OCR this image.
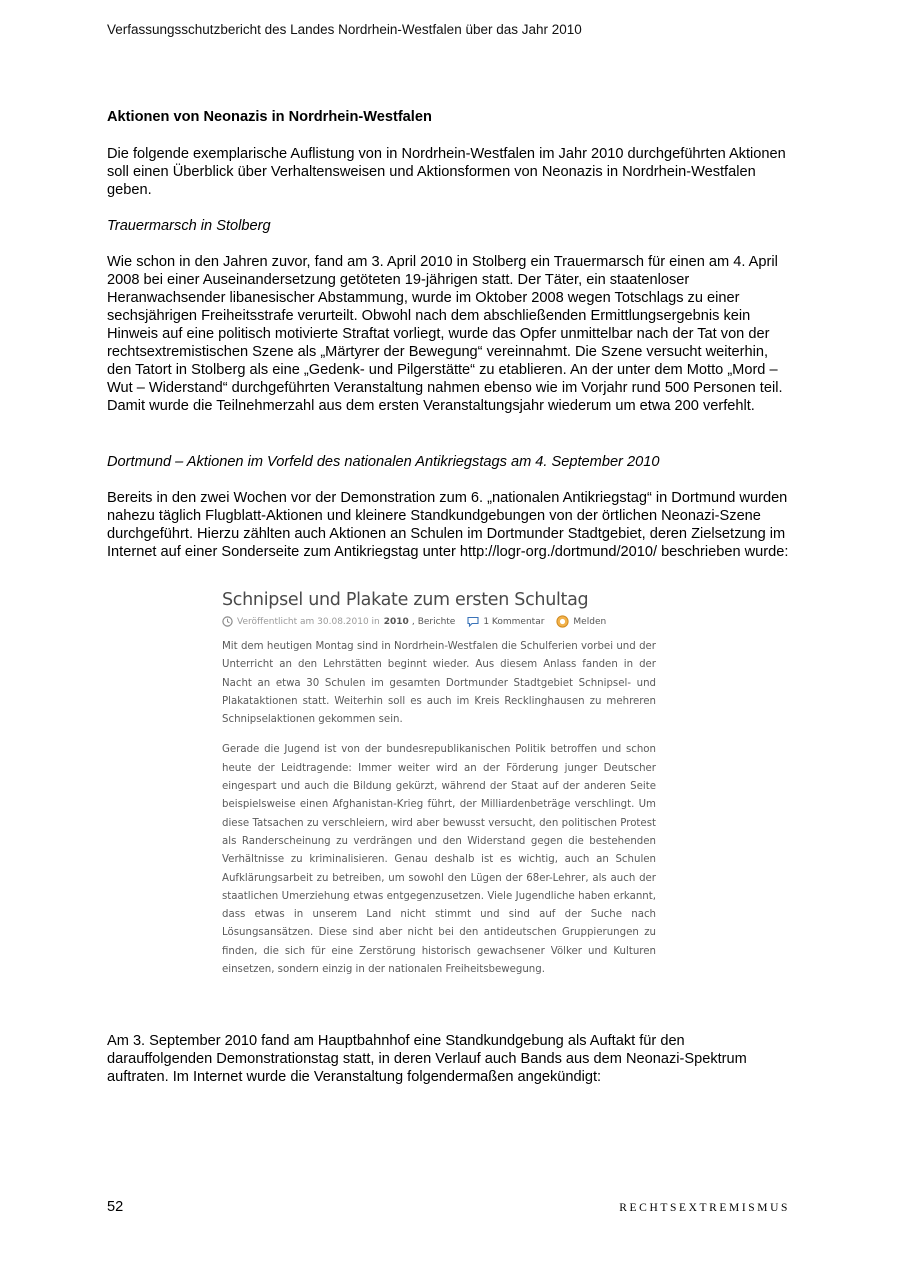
Verfassungsschutzbericht des Landes Nordrhein-Westfalen über das Jahr 2010
Aktionen von Neonazis in Nordrhein-Westfalen

Die folgende exemplarische Auflistung von in Nordrhein-Westfalen im Jahr 2010 durchgeführten Aktionen soll einen Überblick über Verhaltensweisen und Aktionsformen von Neonazis in Nordrhein-Westfalen geben.

Trauermarsch in Stolberg

Wie schon in den Jahren zuvor, fand am 3. April 2010 in Stolberg ein Trauermarsch für einen am 4. April 2008 bei einer Auseinandersetzung getöteten 19-jährigen statt. Der Täter, ein staatenloser Heranwachsender libanesischer Abstammung, wurde im Oktober 2008 wegen Totschlags zu einer sechsjährigen Freiheitsstrafe verurteilt. Obwohl nach dem abschließenden Ermittlungsergebnis kein Hinweis auf eine politisch motivierte Straftat vorliegt, wurde das Opfer unmittelbar nach der Tat von der rechtsextremistischen Szene als „Märtyrer der Bewegung“ vereinnahmt. Die Szene versucht weiterhin, den Tatort in Stolberg als eine „Gedenk- und Pilgerstätte“ zu etablieren. An der unter dem Motto „Mord – Wut – Widerstand“ durchgeführten Veranstaltung nahmen ebenso wie im Vorjahr rund 500 Personen teil. Damit wurde die Teilnehmerzahl aus dem ersten Veranstaltungsjahr wiederum um etwa 200 verfehlt.

Dortmund – Aktionen im Vorfeld des nationalen Antikriegstags am 4. September 2010

Bereits in den zwei Wochen vor der Demonstration zum 6. „nationalen Antikriegstag“ in Dortmund wurden nahezu täglich Flugblatt-Aktionen und kleinere Standkundgebungen von der örtlichen Neonazi-Szene durchgeführt. Hierzu zählten auch Aktionen an Schulen im Dortmunder Stadtgebiet, deren Zielsetzung im Internet auf einer Sonderseite zum Antikriegstag unter http://logr-org./dortmund/2010/ beschrieben wurde:

Schnipsel und Plakate zum ersten Schultag
Veröffentlicht am 30.08.2010 in 2010 , Berichte	1 Kommentar	Melden

Mit dem heutigen Montag sind in Nordrhein-Westfalen die Schulferien vorbei und der Unterricht an den Lehrstätten beginnt wieder. Aus diesem Anlass fanden in der Nacht an etwa 30 Schulen im gesamten Dortmunder Stadtgebiet Schnipsel- und Plakataktionen statt. Weiterhin soll es auch im Kreis Recklinghausen zu mehreren Schnipselaktionen gekommen sein.

Gerade die Jugend ist von der bundesrepublikanischen Politik betroffen und schon heute der Leidtragende: Immer weiter wird an der Förderung junger Deutscher eingespart und auch die Bildung gekürzt, während der Staat auf der anderen Seite beispielsweise einen Afghanistan-Krieg führt, der Milliardenbeträge verschlingt. Um diese Tatsachen zu verschleiern, wird aber bewusst versucht, den politischen Protest als Randerscheinung zu verdrängen und den Widerstand gegen die bestehenden Verhältnisse zu kriminalisieren. Genau deshalb ist es wichtig, auch an Schulen Aufklärungsarbeit zu betreiben, um sowohl den Lügen der 68er-Lehrer, als auch der staatlichen Umerziehung etwas entgegenzusetzen. Viele Jugendliche haben erkannt, dass etwas in unserem Land nicht stimmt und sind auf der Suche nach Lösungsansätzen. Diese sind aber nicht bei den antideutschen Gruppierungen zu finden, die sich für eine Zerstörung historisch gewachsener Völker und Kulturen einsetzen, sondern einzig in der nationalen Freiheitsbewegung.

Am 3. September 2010 fand am Hauptbahnhof eine Standkundgebung als Auftakt für den darauffolgenden Demonstrationstag statt, in deren Verlauf auch Bands aus dem Neonazi-Spektrum auftraten. Im Internet wurde die Veranstaltung folgendermaßen angekündigt:

52	RECHTSEXTREMISMUS
